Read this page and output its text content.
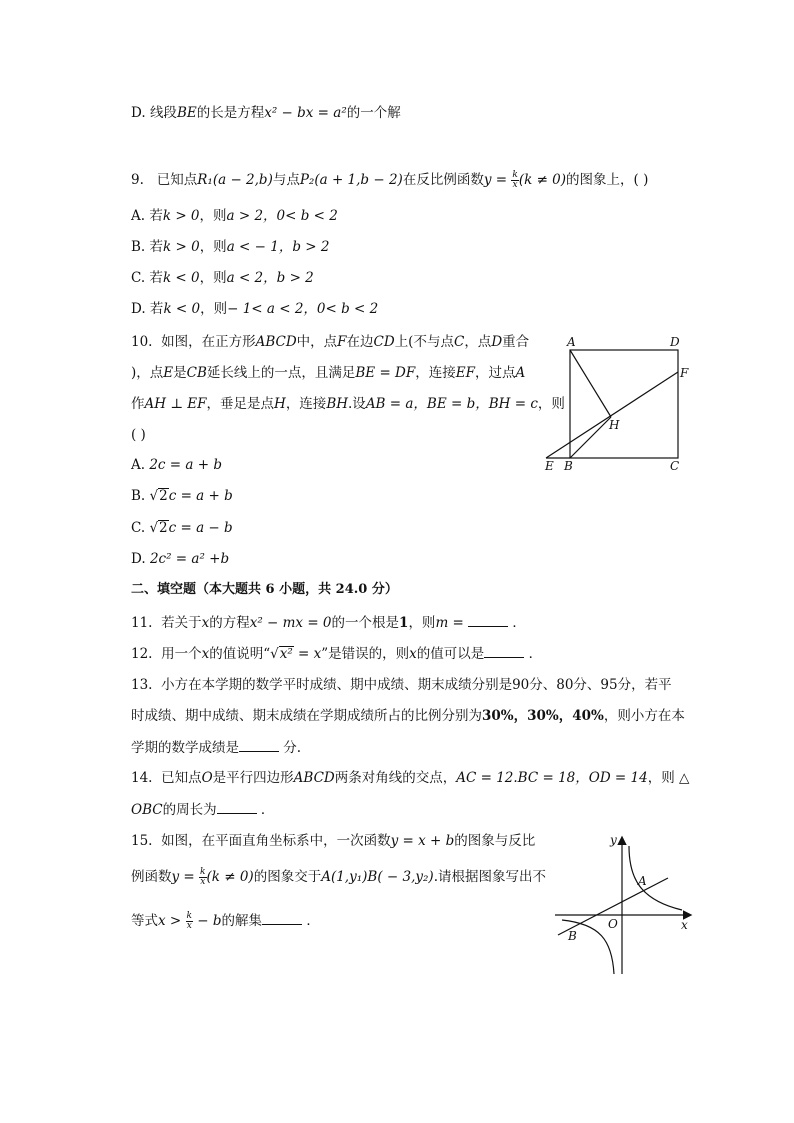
D. 线段BE的长是方程x² − bx = a²的一个解
9. 已知点R₁(a − 2,b)与点P₂(a + 1,b − 2)在反比例函数$y = \frac{k}{x} (k \ne 0)$的图象上，( )
A. 若k > 0，则a > 2，0< b < 2
B. 若k > 0，则a < − 1，b > 2
C. 若k < 0，则a < 2，b > 2
D. 若k < 0，则− 1< a < 2，0< b < 2
10. 如图，在正方形ABCD中，点F在边CD上(不与点C，点D重合
)，点E是CB延长线上的一点，且满足BE = DF，连接EF，过点A
作AH ⊥ EF，垂足是点H，连接BH.设AB = a，BE = b，BH = c，则
( )
A. 2c = a + b
B. √2c = a + b
C. √2c = a − b
D. 2c² = a² +b
A	D
F
H
E B	C
二、填空题（本大题共 6 小题，共 24.0 分）
11. 若关于x的方程x² − mx = 0的一个根是1，则m =	．
12. 用一个x的值说明“√x² = x”是错误的，则x的值可以是	．
13. 小方在本学期的数学平时成绩、期中成绩、期末成绩分别是90分、80分、95分，若平
时成绩、期中成绩、期末成绩在学期成绩所占的比例分别为30%，30%，40%，则小方在本
学期的数学成绩是	分.
14. 已知点O是平行四边形ABCD两条对角线的交点，AC = 12.BC = 18，OD = 14，则 △
OBC的周长为	．
15. 如图，在平面直角坐标系中，一次函数y = x + b的图象与反比
例函数$y = \frac{k}{x} (k \ne 0)$的图象交于A(1,y₁)B( − 3,y₂).请根据图象写出不
等式$x > \frac{k}{x} - b$的解集	．
y
x
O
A
B
